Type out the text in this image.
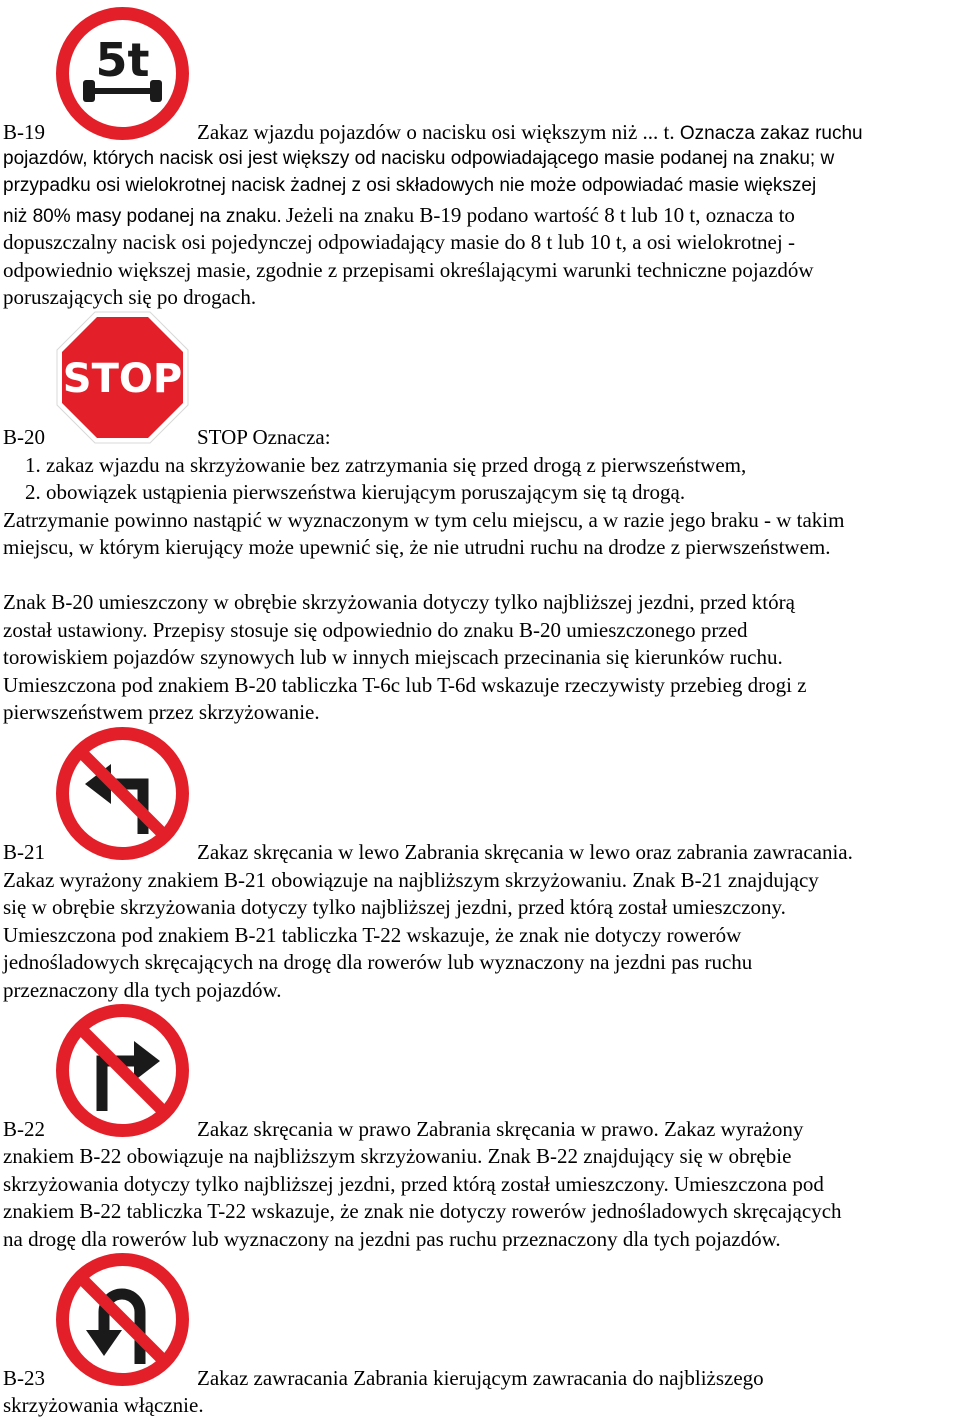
5t
B-19	Zakaz wjazdu pojazdów o nacisku osi większym niż ... t. Oznacza zakaz ruchu
pojazdów, których nacisk osi jest większy od nacisku odpowiadającego masie podanej na znaku; w
przypadku osi wielokrotnej nacisk żadnej z osi składowych nie może odpowiadać masie większej
niż 80% masy podanej na znaku. Jeżeli na znaku B-19 podano wartość 8 t lub 10 t, oznacza to
dopuszczalny nacisk osi pojedynczej odpowiadający masie do 8 t lub 10 t, a osi wielokrotnej -
odpowiednio większej masie, zgodnie z przepisami określającymi warunki techniczne pojazdów
poruszających się po drogach.
STOP
B-20	STOP Oznacza:
1. zakaz wjazdu na skrzyżowanie bez zatrzymania się przed drogą z pierwszeństwem,
2. obowiązek ustąpienia pierwszeństwa kierującym poruszającym się tą drogą.
Zatrzymanie powinno nastąpić w wyznaczonym w tym celu miejscu, a w razie jego braku - w takim
miejscu, w którym kierujący może upewnić się, że nie utrudni ruchu na drodze z pierwszeństwem.
Znak B-20 umieszczony w obrębie skrzyżowania dotyczy tylko najbliższej jezdni, przed którą
został ustawiony. Przepisy stosuje się odpowiednio do znaku B-20 umieszczonego przed
torowiskiem pojazdów szynowych lub w innych miejscach przecinania się kierunków ruchu.
Umieszczona pod znakiem B-20 tabliczka T-6c lub T-6d wskazuje rzeczywisty przebieg drogi z
pierwszeństwem przez skrzyżowanie.
B-21	Zakaz skręcania w lewo Zabrania skręcania w lewo oraz zabrania zawracania.
Zakaz wyrażony znakiem B-21 obowiązuje na najbliższym skrzyżowaniu. Znak B-21 znajdujący
się w obrębie skrzyżowania dotyczy tylko najbliższej jezdni, przed którą został umieszczony.
Umieszczona pod znakiem B-21 tabliczka T-22 wskazuje, że znak nie dotyczy rowerów
jednośladowych skręcających na drogę dla rowerów lub wyznaczony na jezdni pas ruchu
przeznaczony dla tych pojazdów.
B-22	Zakaz skręcania w prawo Zabrania skręcania w prawo. Zakaz wyrażony
znakiem B-22 obowiązuje na najbliższym skrzyżowaniu. Znak B-22 znajdujący się w obrębie
skrzyżowania dotyczy tylko najbliższej jezdni, przed którą został umieszczony. Umieszczona pod
znakiem B-22 tabliczka T-22 wskazuje, że znak nie dotyczy rowerów jednośladowych skręcających
na drogę dla rowerów lub wyznaczony na jezdni pas ruchu przeznaczony dla tych pojazdów.
B-23	Zakaz zawracania Zabrania kierującym zawracania do najbliższego
skrzyżowania włącznie.
